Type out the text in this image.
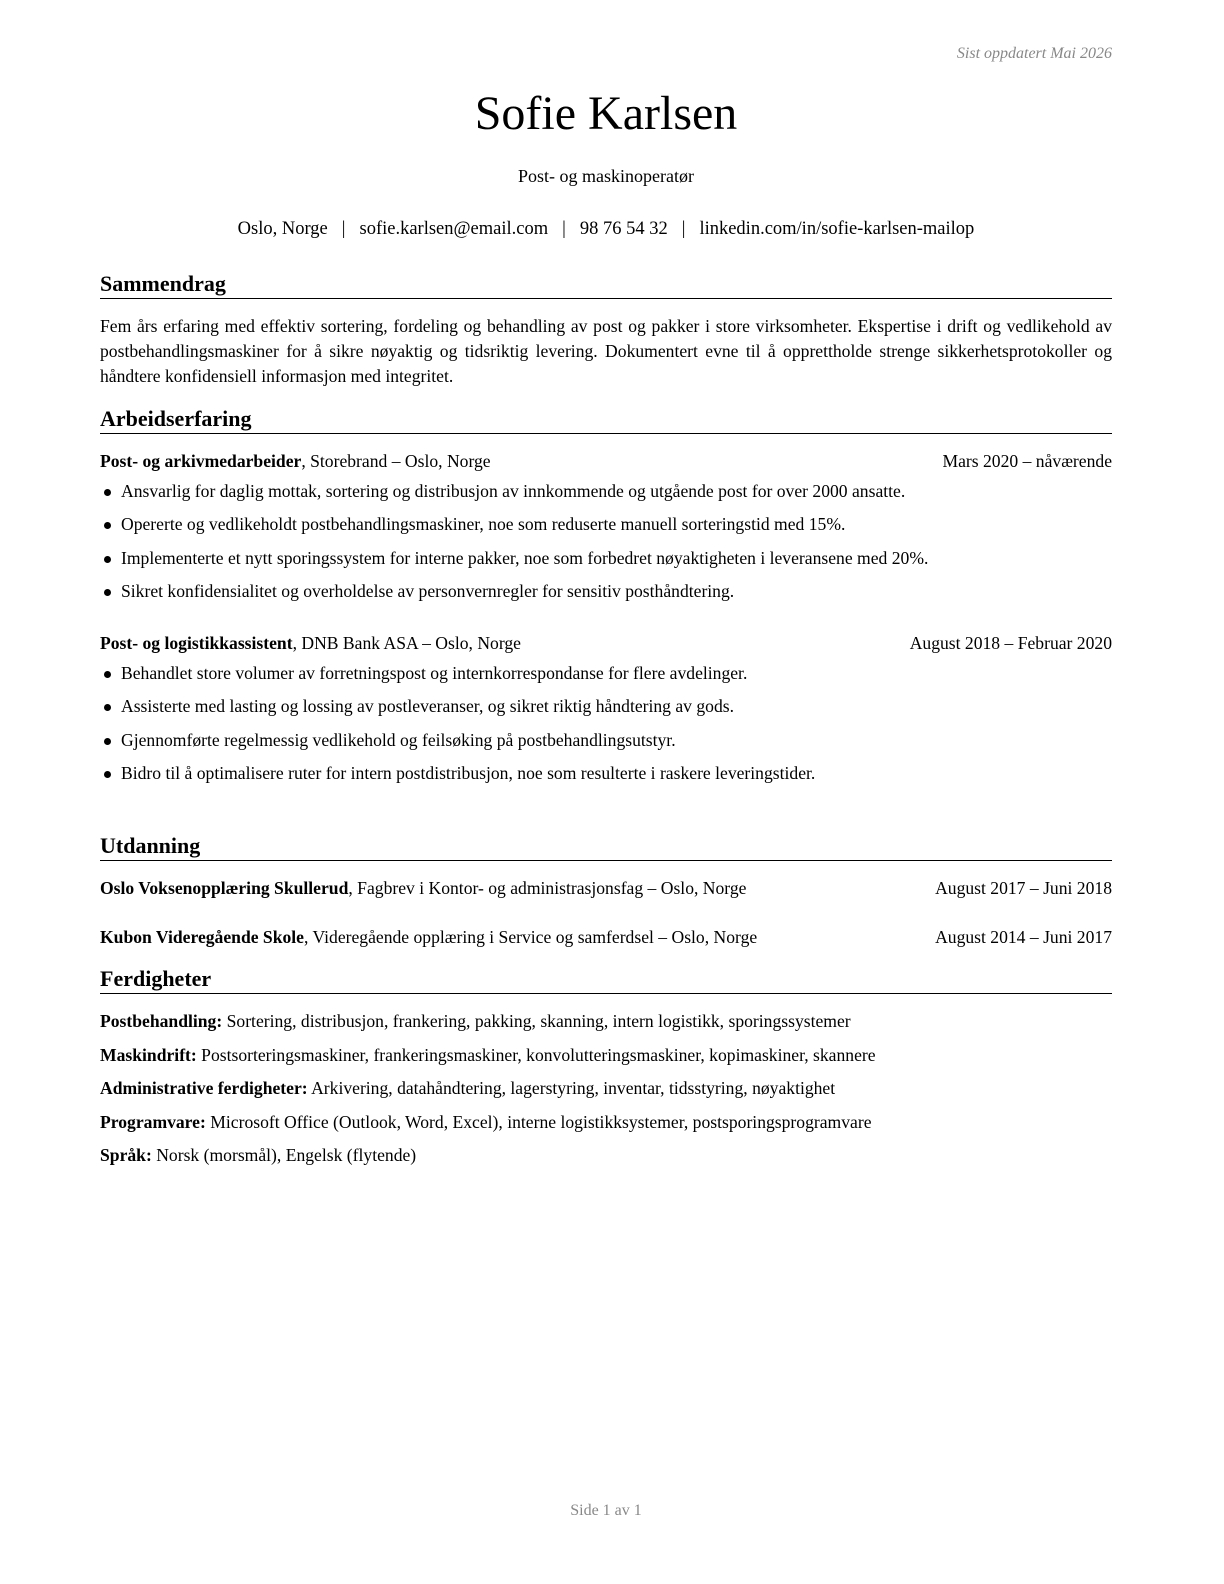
Sist oppdatert Mai 2026
Sofie Karlsen
Post- og maskinoperatør
Oslo, Norge | sofie.karlsen@email.com | 98 76 54 32 | linkedin.com/in/sofie-karlsen-mailop
Sammendrag
Fem års erfaring med effektiv sortering, fordeling og behandling av post og pakker i store virksomheter. Ekspertise i drift og vedlikehold av postbehandlingsmaskiner for å sikre nøyaktig og tidsriktig levering. Dokumentert evne til å opprettholde strenge sikkerhetsprotokoller og håndtere konfidensiell informasjon med integritet.
Arbeidserfaring
Post- og arkivmedarbeider, Storebrand – Oslo, Norge	Mars 2020 – nåværende
Ansvarlig for daglig mottak, sortering og distribusjon av innkommende og utgående post for over 2000 ansatte.
Opererte og vedlikeholdt postbehandlingsmaskiner, noe som reduserte manuell sorteringstid med 15%.
Implementerte et nytt sporingssystem for interne pakker, noe som forbedret nøyaktigheten i leveransene med 20%.
Sikret konfidensialitet og overholdelse av personvernregler for sensitiv posthåndtering.
Post- og logistikkassistent, DNB Bank ASA – Oslo, Norge	August 2018 – Februar 2020
Behandlet store volumer av forretningspost og internkorrespondanse for flere avdelinger.
Assisterte med lasting og lossing av postleveranser, og sikret riktig håndtering av gods.
Gjennomførte regelmessig vedlikehold og feilsøking på postbehandlingsutstyr.
Bidro til å optimalisere ruter for intern postdistribusjon, noe som resulterte i raskere leveringstider.
Utdanning
Oslo Voksenopplæring Skullerud, Fagbrev i Kontor- og administrasjonsfag – Oslo, Norge	August 2017 – Juni 2018
Kubon Videregående Skole, Videregående opplæring i Service og samferdsel – Oslo, Norge	August 2014 – Juni 2017
Ferdigheter
Postbehandling: Sortering, distribusjon, frankering, pakking, skanning, intern logistikk, sporingssystemer
Maskindrift: Postsorteringsmaskiner, frankeringsmaskiner, konvolutteringsmaskiner, kopimaskiner, skannere
Administrative ferdigheter: Arkivering, datahåndtering, lagerstyring, inventar, tidsstyring, nøyaktighet
Programvare: Microsoft Office (Outlook, Word, Excel), interne logistikksystemer, postsporingsprogramvare
Språk: Norsk (morsmål), Engelsk (flytende)
Side 1 av 1
